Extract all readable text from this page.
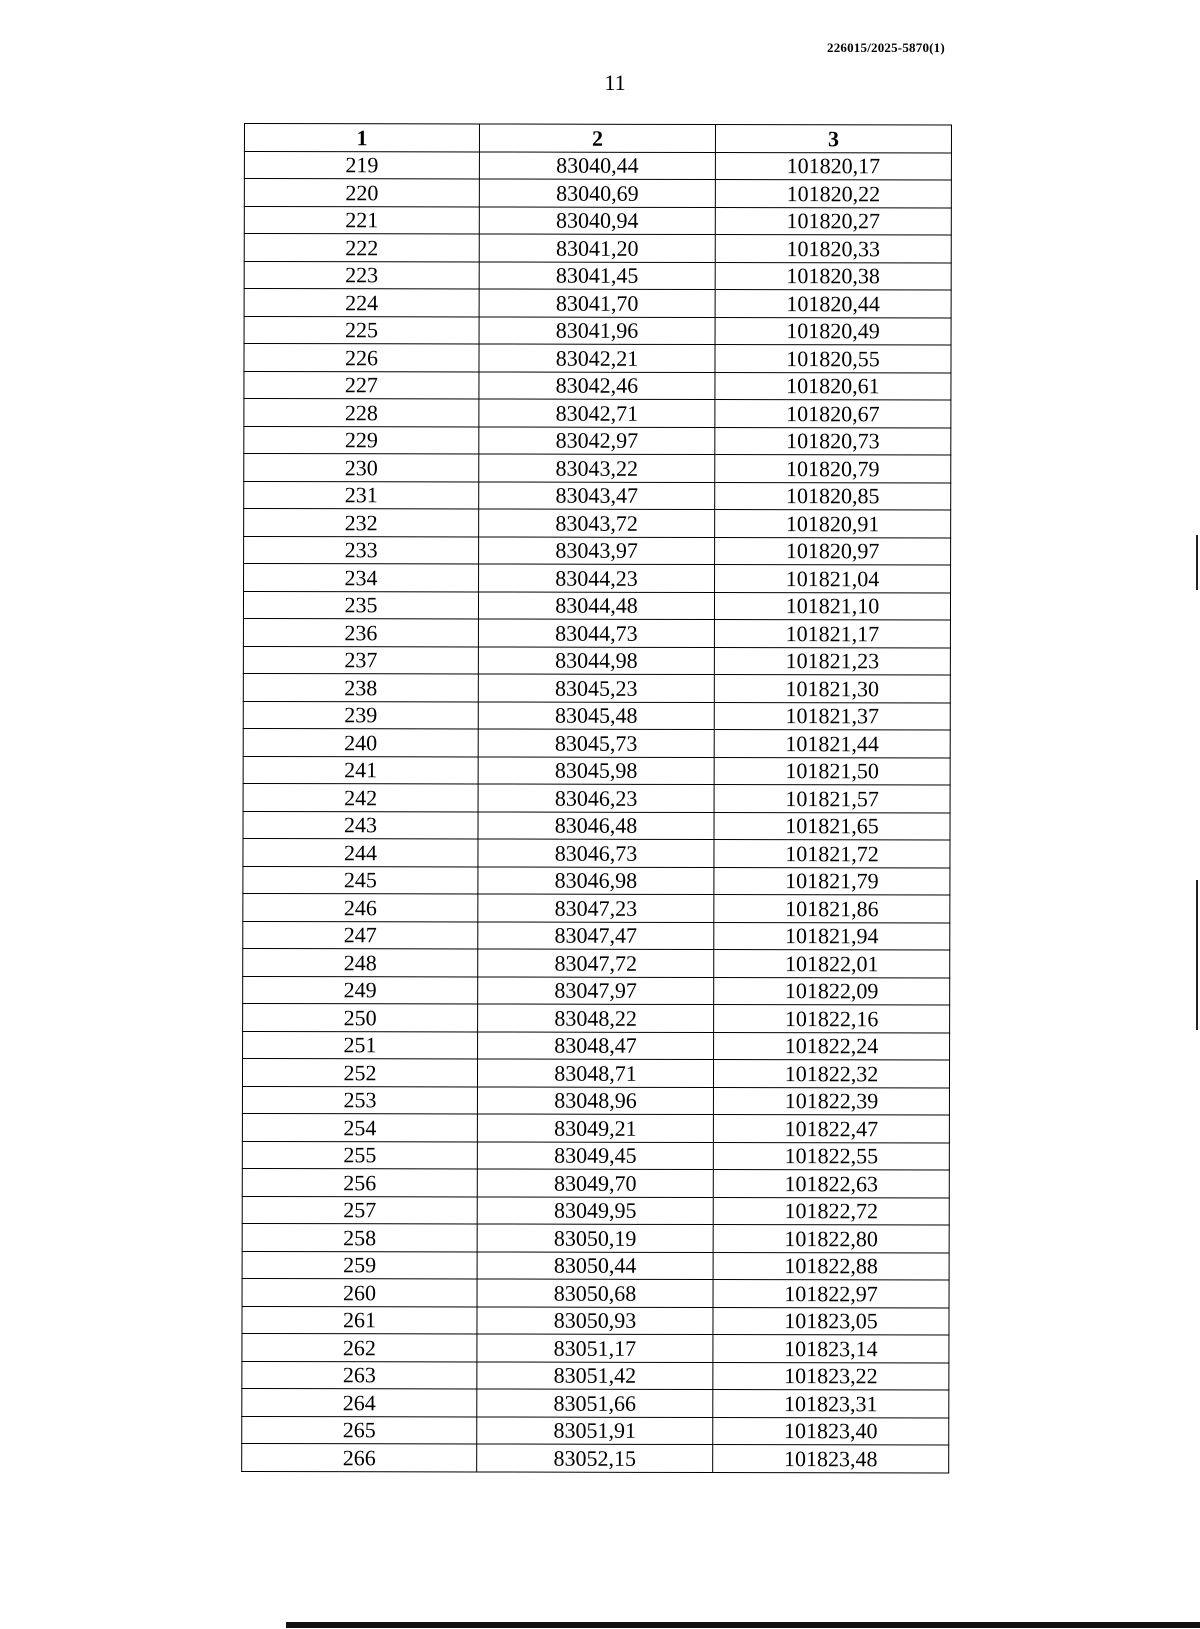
226015/2025-5870(1)
11
1	2	3
219	83040,44	101820,17
220	83040,69	101820,22
221	83040,94	101820,27
222	83041,20	101820,33
223	83041,45	101820,38
224	83041,70	101820,44
225	83041,96	101820,49
226	83042,21	101820,55
227	83042,46	101820,61
228	83042,71	101820,67
229	83042,97	101820,73
230	83043,22	101820,79
231	83043,47	101820,85
232	83043,72	101820,91
233	83043,97	101820,97
234	83044,23	101821,04
235	83044,48	101821,10
236	83044,73	101821,17
237	83044,98	101821,23
238	83045,23	101821,30
239	83045,48	101821,37
240	83045,73	101821,44
241	83045,98	101821,50
242	83046,23	101821,57
243	83046,48	101821,65
244	83046,73	101821,72
245	83046,98	101821,79
246	83047,23	101821,86
247	83047,47	101821,94
248	83047,72	101822,01
249	83047,97	101822,09
250	83048,22	101822,16
251	83048,47	101822,24
252	83048,71	101822,32
253	83048,96	101822,39
254	83049,21	101822,47
255	83049,45	101822,55
256	83049,70	101822,63
257	83049,95	101822,72
258	83050,19	101822,80
259	83050,44	101822,88
260	83050,68	101822,97
261	83050,93	101823,05
262	83051,17	101823,14
263	83051,42	101823,22
264	83051,66	101823,31
265	83051,91	101823,40
266	83052,15	101823,48
